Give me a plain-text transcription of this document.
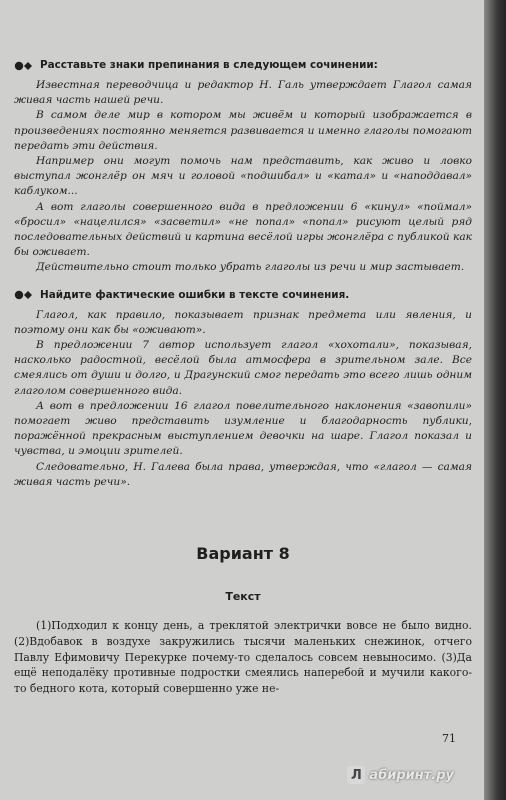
Расставьте знаки препинания в следующем сочинении:

Известная переводчица и редактор Н. Галь утверждает Глагол самая живая часть нашей речи.

В самом деле мир в котором мы живём и который изображается в произведениях постоянно меняется развивается и именно глаголы помогают передать эти действия.

Например они могут помочь нам представить, как живо и ловко выступал жонглёр он мяч и головой «подшибал» и «катал» и «наподдавал» каблуком...

А вот глаголы совершенного вида в предложении 6 «кинул» «поймал» «бросил» «нацелился» «засветил» «не попал» «попал» рисуют целый ряд последовательных действий и картина весёлой игры жонглёра с публикой как бы оживает.

Действительно стоит только убрать глаголы из речи и мир застывает.

Найдите фактические ошибки в тексте сочинения.

Глагол, как правило, показывает признак предмета или явления, и поэтому они как бы «оживают».

В предложении 7 автор использует глагол «хохотали», показывая, насколько радостной, весёлой была атмосфера в зрительном зале. Все смеялись от души и долго, и Драгунский смог передать это всего лишь одним глаголом совершенного вида.

А вот в предложении 16 глагол повелительного наклонения «завопили» помогает живо представить изумление и благодарность публики, поражённой прекрасным выступлением девочки на шаре. Глагол показал и чувства, и эмоции зрителей.

Следовательно, Н. Галева была права, утверждая, что «глагол — самая живая часть речи».

Вариант 8
Текст

(1)Подходил к концу день, а треклятой электрички вовсе не было видно. (2)Вдобавок в воздухе закружились тысячи маленьких снежинок, отчего Павлу Ефимовичу Перекурке почему-то сделалось совсем невыносимо. (3)Да ещё неподалёку противные подростки смеялись наперебой и мучили какого-то бедного кота, который совершенно уже не-

71
Л абиринт.ру
